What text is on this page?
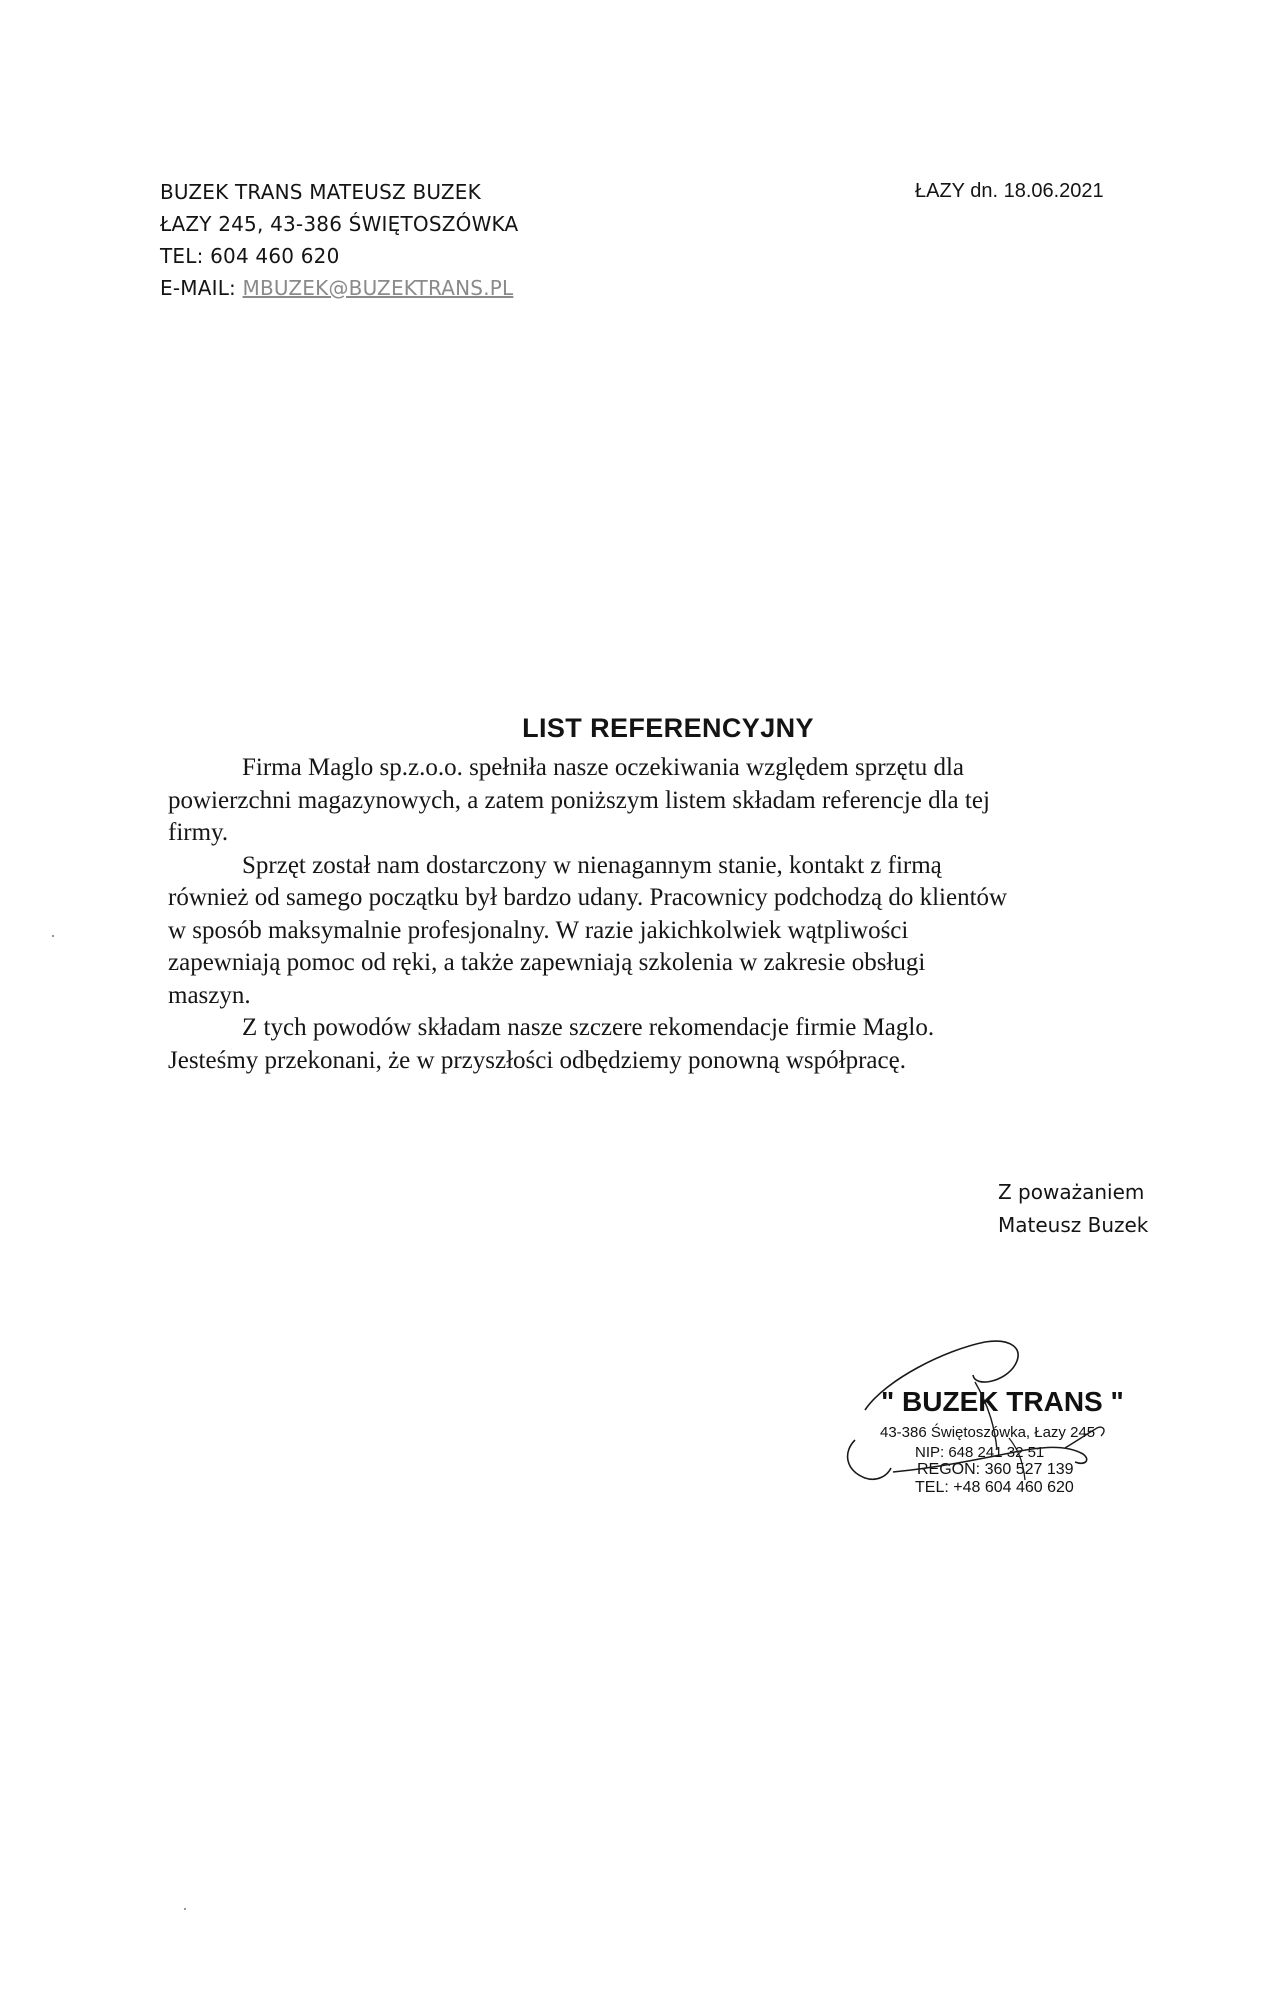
BUZEK TRANS MATEUSZ BUZEK
ŁAZY 245, 43-386 ŚWIĘTOSZÓWKA
TEL: 604 460 620
E-MAIL: MBUZEK@BUZEKTRANS.PL
ŁAZY dn. 18.06.2021
LIST REFERENCYJNY
Firma Maglo sp.z.o.o. spełniła nasze oczekiwania względem sprzętu dla
powierzchni magazynowych, a zatem poniższym listem składam referencje dla tej
firmy.
Sprzęt został nam dostarczony w nienagannym stanie, kontakt z firmą
również od samego początku był bardzo udany. Pracownicy podchodzą do klientów
w sposób maksymalnie profesjonalny. W razie jakichkolwiek wątpliwości
zapewniają pomoc od ręki, a także zapewniają szkolenia w zakresie obsługi
maszyn.
Z tych powodów składam nasze szczere rekomendacje firmie Maglo.
Jesteśmy przekonani, że w przyszłości odbędziemy ponowną współpracę.
Z poważaniem
Mateusz Buzek
" BUZEK TRANS "
43-386 Świętoszówka, Łazy 245
NIP: 648 241 32 51
REGON: 360 527 139
TEL: +48 604 460 620
